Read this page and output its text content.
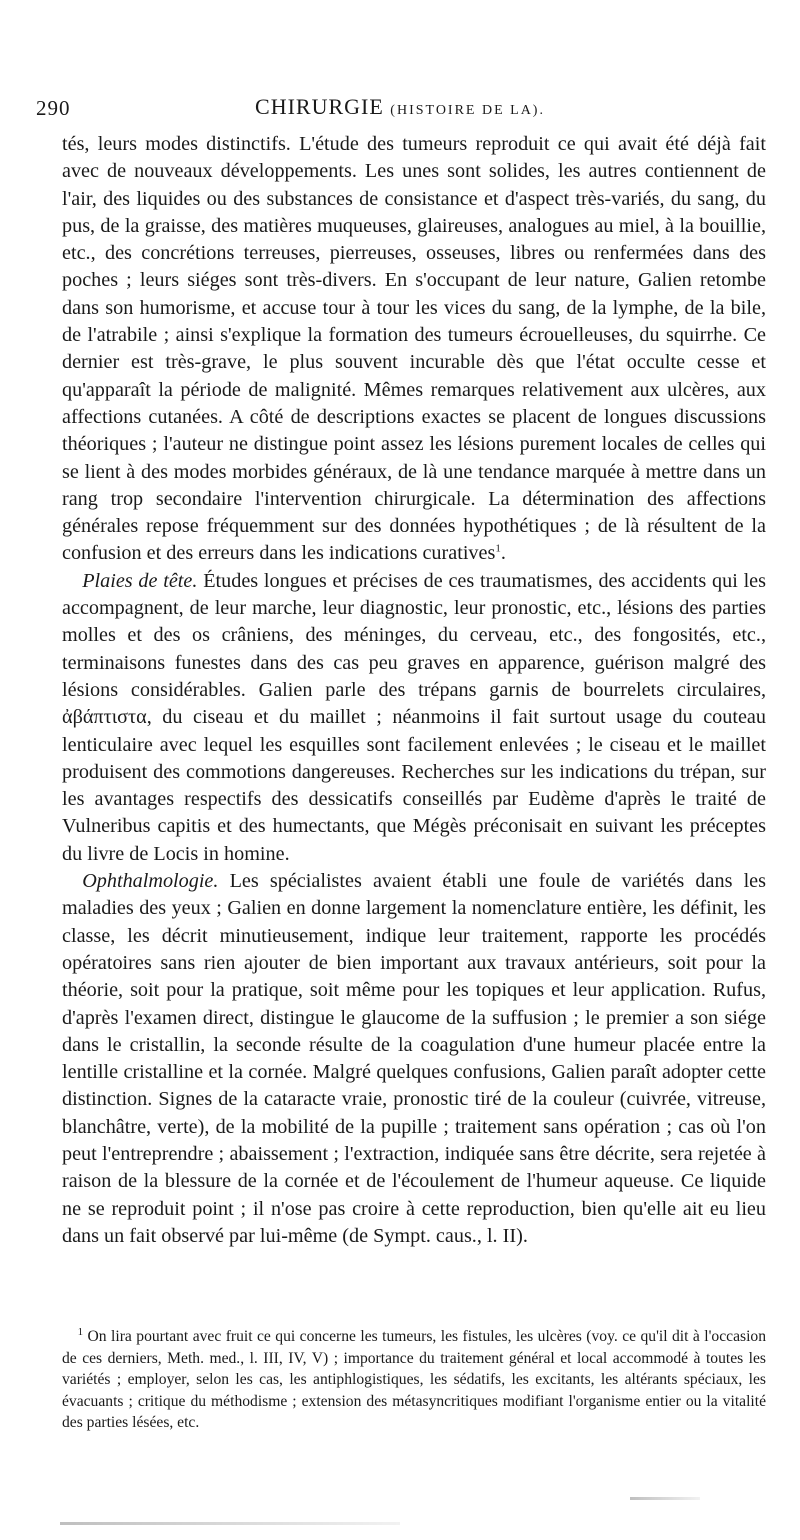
290	CHIRURGIE (HISTOIRE DE LA).

tés, leurs modes distinctifs. L'étude des tumeurs reproduit ce qui avait été déjà fait avec de nouveaux développements. Les unes sont solides, les autres contiennent de l'air, des liquides ou des substances de consistance et d'aspect très-variés, du sang, du pus, de la graisse, des matières muqueuses, glaireuses, analogues au miel, à la bouillie, etc., des concrétions terreuses, pierreuses, osseuses, libres ou renfermées dans des poches ; leurs siéges sont très-divers. En s'occupant de leur nature, Galien retombe dans son humorisme, et accuse tour à tour les vices du sang, de la lymphe, de la bile, de l'atrabile ; ainsi s'explique la formation des tumeurs écrouelleuses, du squirrhe. Ce dernier est très-grave, le plus souvent incurable dès que l'état occulte cesse et qu'apparaît la période de malignité. Mêmes remarques relativement aux ulcères, aux affections cutanées. A côté de descriptions exactes se placent de longues discussions théoriques ; l'auteur ne distingue point assez les lésions purement locales de celles qui se lient à des modes morbides généraux, de là une tendance marquée à mettre dans un rang trop secondaire l'intervention chirurgicale. La détermination des affections générales repose fréquemment sur des données hypothétiques ; de là résultent de la confusion et des erreurs dans les indications curatives$^1$.

 Plaies de tête. Études longues et précises de ces traumatismes, des accidents qui les accompagnent, de leur marche, leur diagnostic, leur pronostic, etc., lésions des parties molles et des os crâniens, des méninges, du cerveau, etc., des fongosités, etc., terminaisons funestes dans des cas peu graves en apparence, guérison malgré des lésions considérables. Galien parle des trépans garnis de bourrelets circulaires, ἀβάπτιστα, du ciseau et du maillet ; néanmoins il fait surtout usage du couteau lenticulaire avec lequel les esquilles sont facilement enlevées ; le ciseau et le maillet produisent des commotions dangereuses. Recherches sur les indications du trépan, sur les avantages respectifs des dessicatifs conseillés par Eudème d'après le traité de Vulneribus capitis et des humectants, que Mégès préconisait en suivant les préceptes du livre de Locis in homine.

 Ophthalmologie. Les spécialistes avaient établi une foule de variétés dans les maladies des yeux ; Galien en donne largement la nomenclature entière, les définit, les classe, les décrit minutieusement, indique leur traitement, rapporte les procédés opératoires sans rien ajouter de bien important aux travaux antérieurs, soit pour la théorie, soit pour la pratique, soit même pour les topiques et leur application. Rufus, d'après l'examen direct, distingue le glaucome de la suffusion ; le premier a son siége dans le cristallin, la seconde résulte de la coagulation d'une humeur placée entre la lentille cristalline et la cornée. Malgré quelques confusions, Galien paraît adopter cette distinction. Signes de la cataracte vraie, pronostic tiré de la couleur (cuivrée, vitreuse, blanchâtre, verte), de la mobilité de la pupille ; traitement sans opération ; cas où l'on peut l'entreprendre ; abaissement ; l'extraction, indiquée sans être décrite, sera rejetée à raison de la blessure de la cornée et de l'écoulement de l'humeur aqueuse. Ce liquide ne se reproduit point ; il n'ose pas croire à cette reproduction, bien qu'elle ait eu lieu dans un fait observé par lui-même (de Sympt. caus., l. II).

 $^1$ On lira pourtant avec fruit ce qui concerne les tumeurs, les fistules, les ulcères (voy. ce qu'il dit à l'occasion de ces derniers, Meth. med., l. III, IV, V) ; importance du traitement général et local accommodé à toutes les variétés ; employer, selon les cas, les antiphlogistiques, les sédatifs, les excitants, les altérants spéciaux, les évacuants ; critique du méthodisme ; extension des métasyncritiques modifiant l'organisme entier ou la vitalité des parties lésées, etc.
